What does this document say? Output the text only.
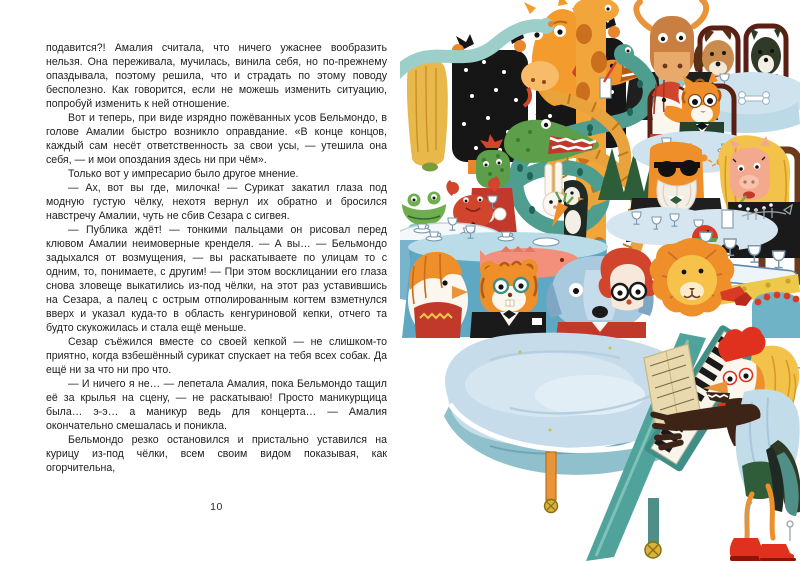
подавится?! Амалия считала, что ничего ужаснее вообразить нельзя. Она переживала, мучилась, винила себя, но по-прежнему опаздывала, поэтому решила, что и страдать по этому поводу бесполезно. Как говорится, если не можешь изменить ситуацию, попробуй изменить к ней отношение.

Вот и теперь, при виде изрядно пожёванных усов Бельмондо, в голове Амалии быстро возникло оправдание. «В конце концов, каждый сам несёт ответственность за свои усы, — утешила она себя, — и мои опоздания здесь ни при чём».

Только вот у импресарио было другое мнение.

— Ах, вот вы где, милочка! — Сурикат закатил глаза под модную густую чёлку, нехотя вернул их обратно и бросился навстречу Амалии, чуть не сбив Сезара с сигвея.

— Публика ждёт! — тонкими пальцами он рисовал перед клювом Амалии неимоверные кренделя. — А вы… — Бельмондо задыхался от возмущения, — вы раскатываете по улицам то с одним, то, понимаете, с другим! — При этом восклицании его глаза снова зловеще выкатились из-под чёлки, на этот раз уставившись на Сезара, а палец с острым отполированным когтем взметнулся вверх и указал куда-то в область кенгуриновой кепки, отчего та будто скукожилась и стала ещё меньше.

Сезар съёжился вместе со своей кепкой — не слишком-то приятно, когда взбешённый сурикат спускает на тебя всех собак. Да ещё ни за что ни про что.

— И ничего я не… — лепетала Амалия, пока Бельмондо тащил её за крылья на сцену, — не раскатываю! Просто маникурщица была… э-э… а маникур ведь для концерта… — Амалия окончательно смешалась и поникла.

Бельмондо резко остановился и пристально уставился на курицу из-под чёлки, всем своим видом показывая, как огорчительна,

10
